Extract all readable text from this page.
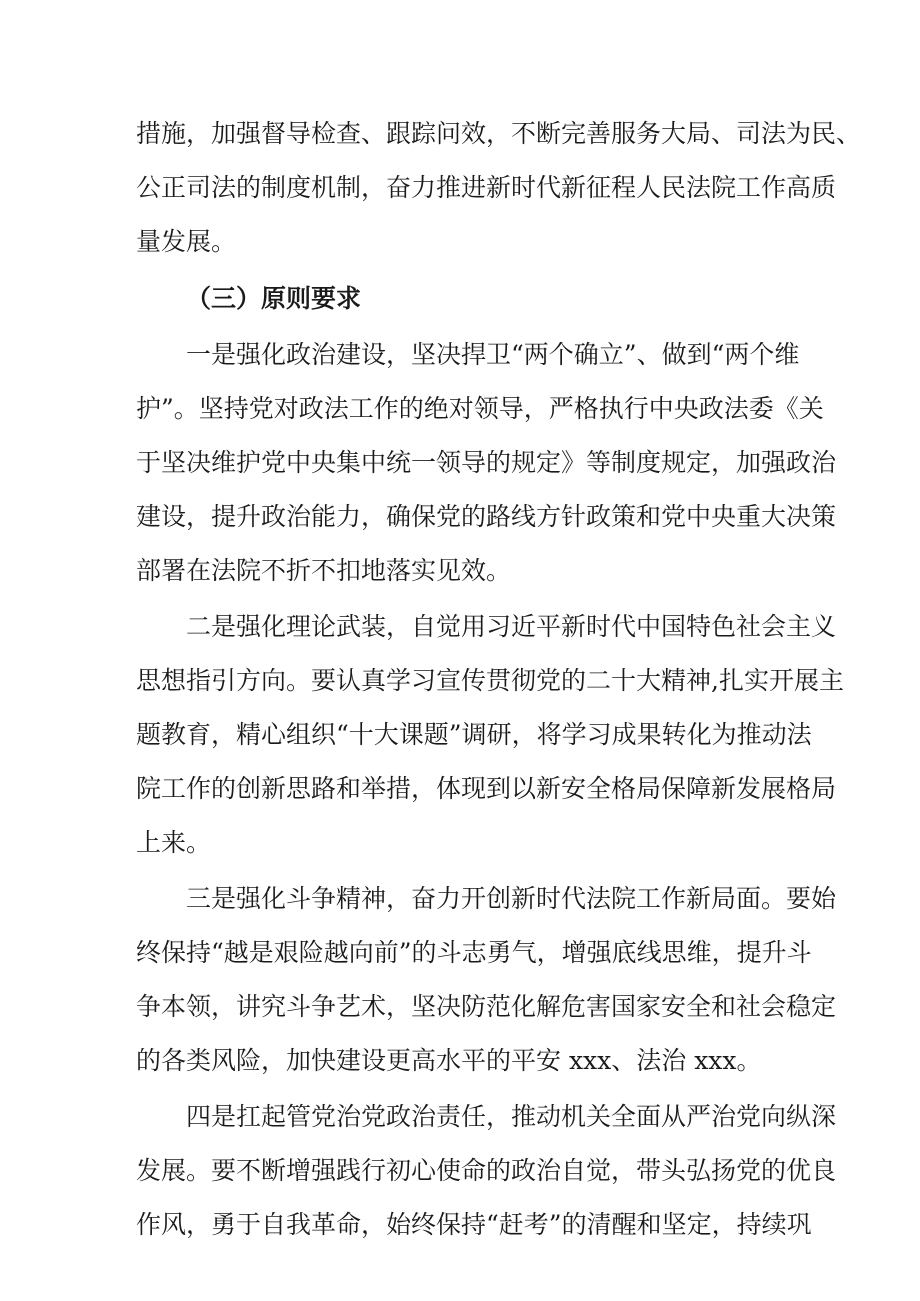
措施，加强督导检查、跟踪问效，不断完善服务大局、司法为民、
公正司法的制度机制，奋力推进新时代新征程人民法院工作高质
量发展。
（三）原则要求
一是强化政治建设，坚决捍卫“两个确立”、做到“两个维
护”。坚持党对政法工作的绝对领导，严格执行中央政法委《关
于坚决维护党中央集中统一领导的规定》等制度规定，加强政治
建设，提升政治能力，确保党的路线方针政策和党中央重大决策
部署在法院不折不扣地落实见效。
二是强化理论武装，自觉用习近平新时代中国特色社会主义
思想指引方向。要认真学习宣传贯彻党的二十大精神,扎实开展主
题教育，精心组织“十大课题”调研，将学习成果转化为推动法
院工作的创新思路和举措，体现到以新安全格局保障新发展格局
上来。
三是强化斗争精神，奋力开创新时代法院工作新局面。要始
终保持“越是艰险越向前”的斗志勇气，增强底线思维，提升斗
争本领，讲究斗争艺术，坚决防范化解危害国家安全和社会稳定
的各类风险，加快建设更高水平的平安 xxx、法治 xxx。
四是扛起管党治党政治责任，推动机关全面从严治党向纵深
发展。要不断增强践行初心使命的政治自觉，带头弘扬党的优良
作风，勇于自我革命，始终保持“赶考”的清醒和坚定，持续巩
